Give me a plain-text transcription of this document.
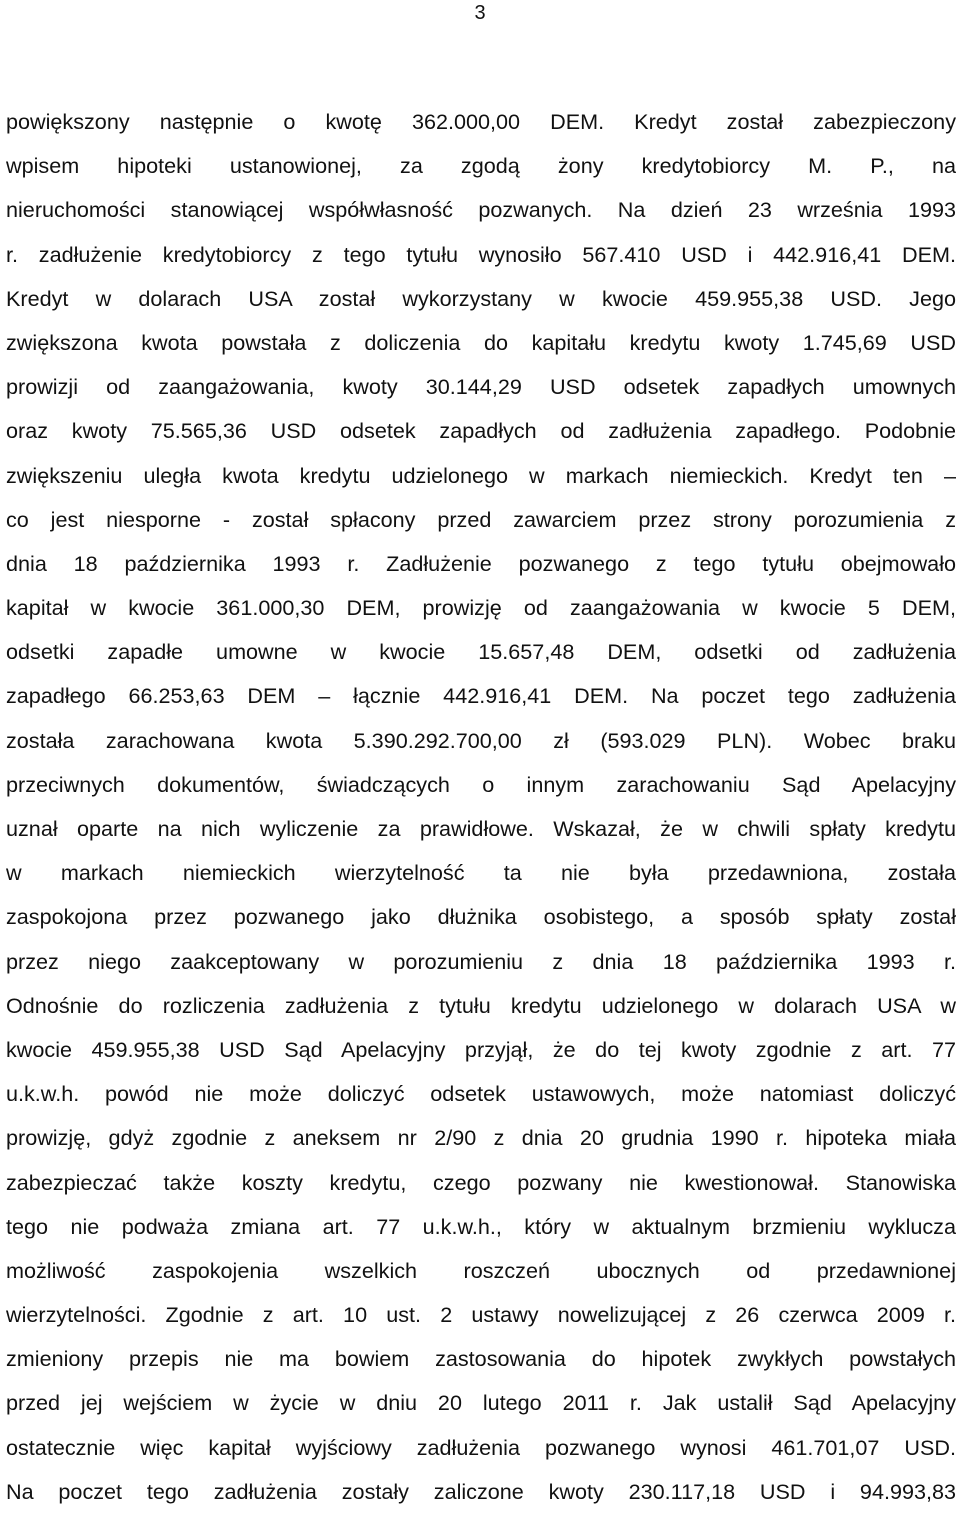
3
powiększony następnie o kwotę 362.000,00 DEM. Kredyt został zabezpieczony
wpisem hipoteki ustanowionej, za zgodą żony kredytobiorcy M. P., na
nieruchomości stanowiącej współwłasność pozwanych. Na dzień 23 września 1993
r. zadłużenie kredytobiorcy z tego tytułu wynosiło 567.410 USD i 442.916,41 DEM.
Kredyt w dolarach USA został wykorzystany w kwocie 459.955,38 USD. Jego
zwiększona kwota powstała z doliczenia do kapitału kredytu kwoty 1.745,69 USD
prowizji od zaangażowania, kwoty 30.144,29 USD odsetek zapadłych umownych
oraz kwoty 75.565,36 USD odsetek zapadłych od zadłużenia zapadłego. Podobnie
zwiększeniu uległa kwota kredytu udzielonego w markach niemieckich. Kredyt ten –
co jest niesporne - został spłacony przed zawarciem przez strony porozumienia z
dnia 18 października 1993 r. Zadłużenie pozwanego z tego tytułu obejmowało
kapitał w kwocie 361.000,30 DEM, prowizję od zaangażowania w kwocie 5 DEM,
odsetki zapadłe umowne w kwocie 15.657,48 DEM, odsetki od zadłużenia
zapadłego 66.253,63 DEM – łącznie 442.916,41 DEM. Na poczet tego zadłużenia
została zarachowana kwota 5.390.292.700,00 zł (593.029 PLN). Wobec braku
przeciwnych dokumentów, świadczących o innym zarachowaniu Sąd Apelacyjny
uznał oparte na nich wyliczenie za prawidłowe. Wskazał, że w chwili spłaty kredytu
w markach niemieckich wierzytelność ta nie była przedawniona, została
zaspokojona przez pozwanego jako dłużnika osobistego, a sposób spłaty został
przez niego zaakceptowany w porozumieniu z dnia 18 października 1993 r.
Odnośnie do rozliczenia zadłużenia z tytułu kredytu udzielonego w dolarach USA w
kwocie 459.955,38 USD Sąd Apelacyjny przyjął, że do tej kwoty zgodnie z art. 77
u.k.w.h. powód nie może doliczyć odsetek ustawowych, może natomiast doliczyć
prowizję, gdyż zgodnie z aneksem nr 2/90 z dnia 20 grudnia 1990 r. hipoteka miała
zabezpieczać także koszty kredytu, czego pozwany nie kwestionował. Stanowiska
tego nie podważa zmiana art. 77 u.k.w.h., który w aktualnym brzmieniu wyklucza
możliwość zaspokojenia wszelkich roszczeń ubocznych od przedawnionej
wierzytelności. Zgodnie z art. 10 ust. 2 ustawy nowelizującej z 26 czerwca 2009 r.
zmieniony przepis nie ma bowiem zastosowania do hipotek zwykłych powstałych
przed jej wejściem w życie w dniu 20 lutego 2011 r. Jak ustalił Sąd Apelacyjny
ostatecznie więc kapitał wyjściowy zadłużenia pozwanego wynosi 461.701,07 USD.
Na poczet tego zadłużenia zostały zaliczone kwoty 230.117,18 USD i 94.993,83
